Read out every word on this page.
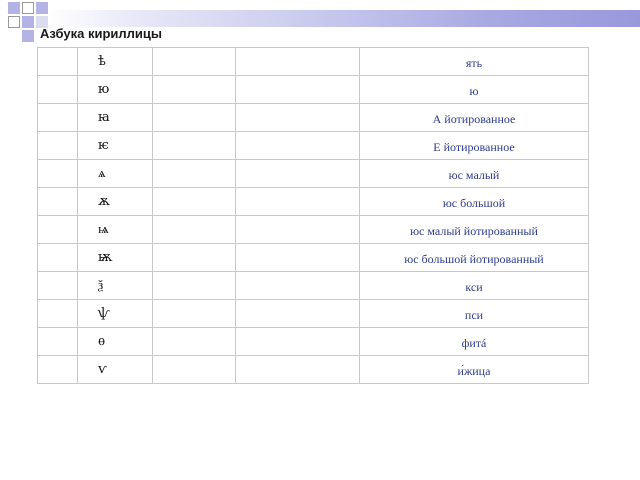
Азбука кириллицы

	ѣ			ять

	ю			ю

	ꙗ			А йотированное

	ѥ			Е йотированное

	ѧ			юс малый

	ѫ			юс большой

	ѩ			юс малый йотированный

	ѭ			юс большой йотированный

	ѯ			кси

	ѱ			пси

	ѳ			фитá

	ѵ			и́жица
